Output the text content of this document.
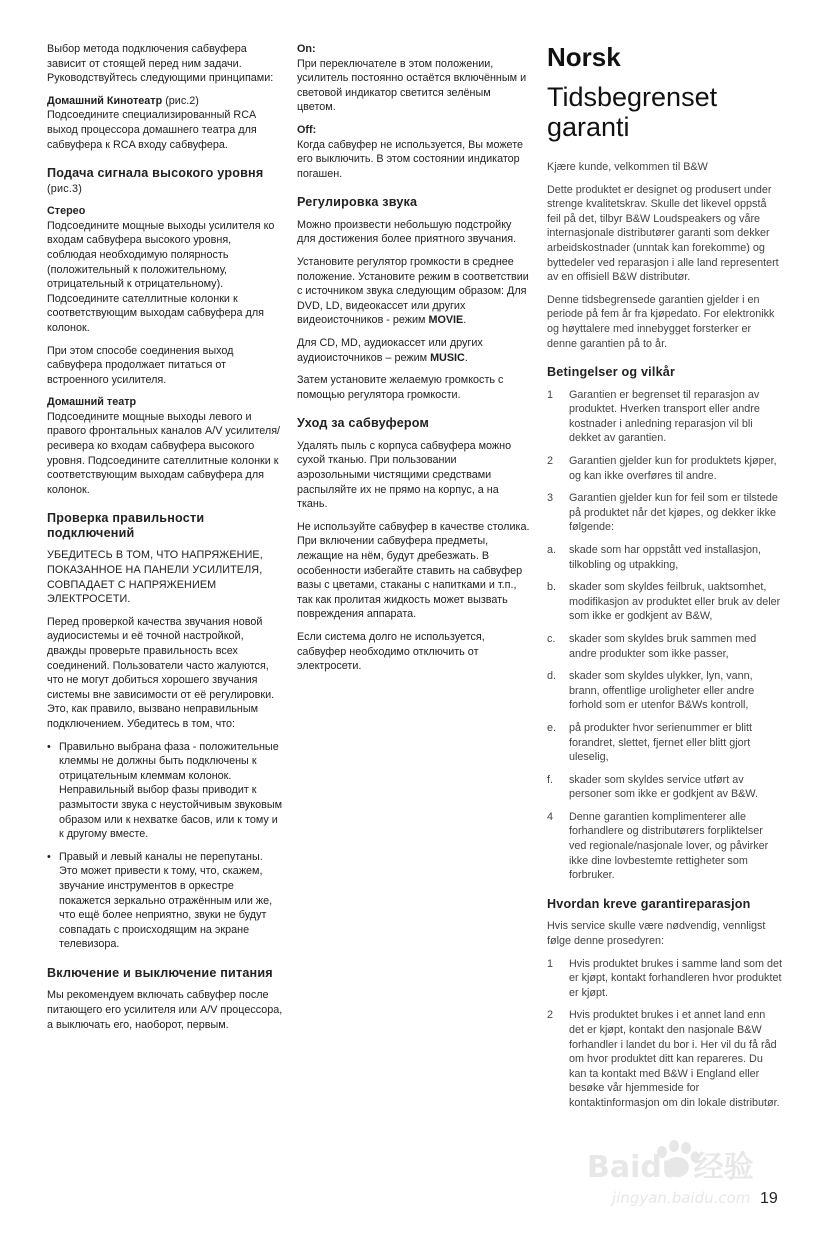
Выбор метода подключения сабвуфера зависит от стоящей перед ним задачи. Руководствуйтесь следующими принципами:

Домашний Кинотеатр (рис.2)

Подсоедините специализированный RCA выход процессора домашнего театра для сабвуфера к RCA входу сабвуфера.

Подача сигнала высокого уровня (рис.3)

Стерео

Подсоедините мощные выходы усилителя ко входам сабвуфера высокого уровня, соблюдая необходимую полярность (положительный к положительному, отрицательный к отрицательному). Подсоедините сателлитные колонки к соответствующим выходам сабвуфера для колонок.

При этом способе соединения выход сабвуфера продолжает питаться от встроенного усилителя.

Домашний театр

Подсоедините мощные выходы левого и правого фронтальных каналов A/V усилителя/ресивера ко входам сабвуфера высокого уровня. Подсоедините сателлитные колонки к соответствующим выходам сабвуфера для колонок.

Проверка правильности подключений

УБЕДИТЕСЬ В ТОМ, ЧТО НАПРЯЖЕНИЕ, ПОКАЗАННОЕ НА ПАНЕЛИ УСИЛИТЕЛЯ, СОВПАДАЕТ С НАПРЯЖЕНИЕМ ЭЛЕКТРОСЕТИ.

Перед проверкой качества звучания новой аудиосистемы и её точной настройкой, дважды проверьте правильность всех соединений. Пользователи часто жалуются, что не могут добиться хорошего звучания системы вне зависимости от её регулировки. Это, как правило, вызвано неправильным подключением. Убедитесь в том, что:

• Правильно выбрана фаза - положительные клеммы не должны быть подключены к отрицательным клеммам колонок. Неправильный выбор фазы приводит к размытости звука с неустойчивым звуковым образом или к нехватке басов, или к тому и к другому вместе.
• Правый и левый каналы не перепутаны. Это может привести к тому, что, скажем, звучание инструментов в оркестре покажется зеркально отражённым или же, что ещё более неприятно, звуки не будут совпадать с происходящим на экране телевизора.
Включение и выключение питания

Мы рекомендуем включать сабвуфер после питающего его усилителя или A/V процессора, а выключать его, наоборот, первым.

On:

При переключателе в этом положении, усилитель постоянно остаётся включённым и световой индикатор светится зелёным цветом.

Off:

Когда сабвуфер не используется, Вы можете его выключить. В этом состоянии индикатор погашен.

Регулировка звука

Можно произвести небольшую подстройку для достижения более приятного звучания.

Установите регулятор громкости в среднее положение. Установите режим в соответствии с источником звука следующим образом: Для DVD, LD, видеокассет или других видеоисточников - режим MOVIE.

Для CD, MD, аудиокассет или других аудиоисточников – режим MUSIC.

Затем установите желаемую громкость с помощью регулятора громкости.

Уход за сабвуфером

Удалять пыль с корпуса сабвуфера можно сухой тканью. При пользовании аэрозольными чистящими средствами распыляйте их не прямо на корпус, а на ткань.

Не используйте сабвуфер в качестве столика. При включении сабвуфера предметы, лежащие на нём, будут дребезжать. В особенности избегайте ставить на сабвуфер вазы с цветами, стаканы с напитками и т.п., так как пролитая жидкость может вызвать повреждения аппарата.

Если система долго не используется, сабвуфер необходимо отключить от электросети.

Norsk
Tidsbegrenset garanti

Kjære kunde, velkommen til B&W

Dette produktet er designet og produsert under strenge kvalitetskrav. Skulle det likevel oppstå feil på det, tilbyr B&W Loudspeakers og våre internasjonale distributører garanti som dekker arbeidskostnader (unntak kan forekomme) og byttedeler ved reparasjon i alle land representert av en offisiell B&W distributør.

Denne tidsbegrensede garantien gjelder i en periode på fem år fra kjøpedato. For elektronikk og høyttalere med innebygget forsterker er denne garantien på to år.

Betingelser og vilkår
1	Garantien er begrenset til reparasjon av produktet. Hverken transport eller andre kostnader i anledning reparasjon vil bli dekket av garantien.
2	Garantien gjelder kun for produktets kjøper, og kan ikke overføres til andre.
3	Garantien gjelder kun for feil som er tilstede på produktet når det kjøpes, og dekker ikke følgende:
a.	skade som har oppstått ved installasjon, tilkobling og utpakking,
b.	skader som skyldes feilbruk, uaktsomhet, modifikasjon av produktet eller bruk av deler som ikke er godkjent av B&W,
c.	skader som skyldes bruk sammen med andre produkter som ikke passer,
d.	skader som skyldes ulykker, lyn, vann, brann, offentlige uroligheter eller andre forhold som er utenfor B&Ws kontroll,
e.	på produkter hvor serienummer er blitt forandret, slettet, fjernet eller blitt gjort uleselig,
f.	skader som skyldes service utført av personer som ikke er godkjent av B&W.
4	Denne garantien komplimenterer alle forhandlere og distributørers forpliktelser ved regionale/nasjonale lover, og påvirker ikke dine lovbestemte rettigheter som forbruker.
Hvordan kreve garantireparasjon

Hvis service skulle være nødvendig, vennligst følge denne prosedyren:

1	Hvis produktet brukes i samme land som det er kjøpt, kontakt forhandleren hvor produktet er kjøpt.
2	Hvis produktet brukes i et annet land enn det er kjøpt, kontakt den nasjonale B&W forhandler i landet du bor i. Her vil du få råd om hvor produktet ditt kan repareres. Du kan ta kontakt med B&W i England eller besøke vår hjemmeside for kontaktinformasjon om din lokale distributør.
Baidu 经验
jingyan.baidu.com 19
